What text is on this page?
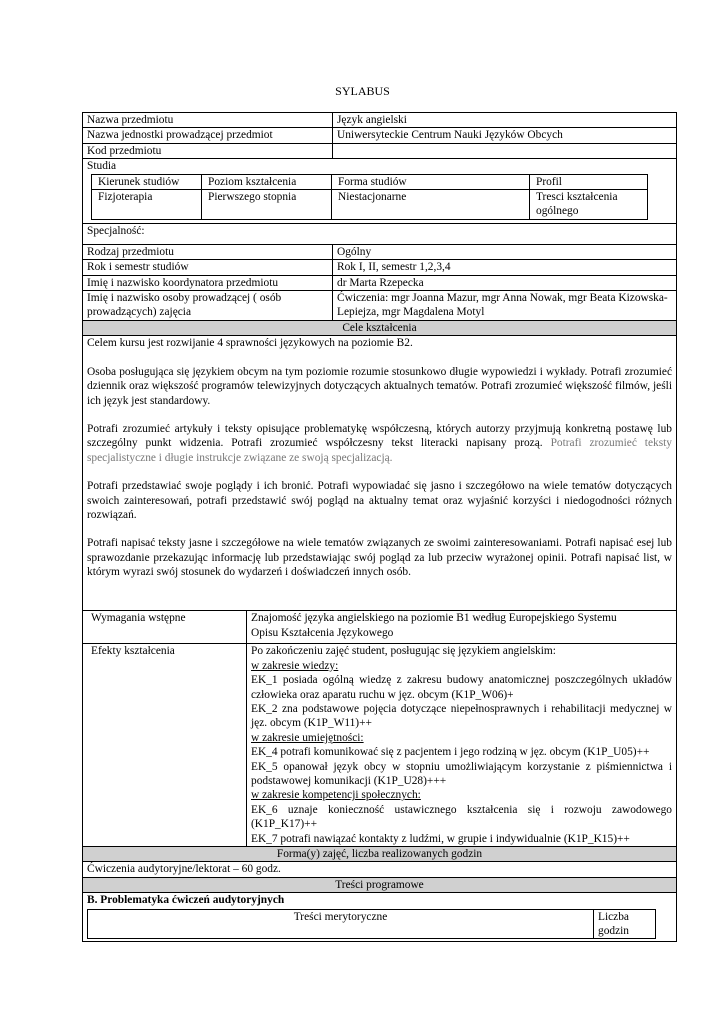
SYLABUS
Nazwa przedmiotu	Język angielski
Nazwa jednostki prowadzącej przedmiot	Uniwersyteckie Centrum Nauki Języków Obcych
Kod przedmiotu	

Studia
Kierunek studiów	Poziom kształcenia	Forma studiów	Profil
Fizjoterapia	Pierwszego stopnia	Niestacjonarne	Tresci kształcenia ogólnego

Specjalność:
Rodzaj przedmiotu	Ogólny
Rok i semestr studiów	Rok I, II, semestr 1,2,3,4
Imię i nazwisko koordynatora przedmiotu	dr Marta Rzepecka
Imię i nazwisko osoby prowadzącej ( osób prowadzących) zajęcia	Ćwiczenia: mgr Joanna Mazur, mgr Anna Nowak, mgr Beata Kizowska-Lepiejza, mgr Magdalena Motyl
Cele kształcenia

Celem kursu jest rozwijanie 4 sprawności językowych na poziomie B2.

Osoba posługująca się językiem obcym na tym poziomie rozumie stosunkowo długie wypowiedzi i wykłady. Potrafi zrozumieć dziennik oraz większość programów telewizyjnych dotyczących aktualnych tematów. Potrafi zrozumieć większość filmów, jeśli ich język jest standardowy.

Potrafi zrozumieć artykuły i teksty opisujące problematykę współczesną, których autorzy przyjmują konkretną postawę lub szczególny punkt widzenia. Potrafi zrozumieć współczesny tekst literacki napisany prozą. Potrafi zrozumieć teksty specjalistyczne i długie instrukcje związane ze swoją specjalizacją.

Potrafi przedstawiać swoje poglądy i ich bronić. Potrafi wypowiadać się jasno i szczegółowo na wiele tematów dotyczących swoich zainteresowań, potrafi przedstawić swój pogląd na aktualny temat oraz wyjaśnić korzyści i niedogodności różnych rozwiązań.

Potrafi napisać teksty jasne i szczegółowe na wiele tematów związanych ze swoimi zainteresowaniami. Potrafi napisać esej lub sprawozdanie przekazując informację lub przedstawiając swój pogląd za lub przeciw wyrażonej opinii. Potrafi napisać list, w którym wyrazi swój stosunek do wydarzeń i doświadczeń innych osób.

Wymagania wstępne	Znajomość języka angielskiego na poziomie B1 według Europejskiego Systemu Opisu Kształcenia Językowego
Efekty kształcenia	Po zakończeniu zajęć student, posługując się językiem angielskim:

w zakresie wiedzy:

EK_1 posiada ogólną wiedzę z zakresu budowy anatomicznej poszczególnych układów człowieka oraz aparatu ruchu w jęz. obcym (K1P_W06)+

EK_2 zna podstawowe pojęcia dotyczące niepełnosprawnych i rehabilitacji medycznej w jęz. obcym (K1P_W11)++

w zakresie umiejętności:

EK_4 potrafi komunikować się z pacjentem i jego rodziną w jęz. obcym (K1P_U05)++

EK_5 opanował język obcy w stopniu umożliwiającym korzystanie z piśmiennictwa i podstawowej komunikacji (K1P_U28)+++

w zakresie kompetencji społecznych:

EK_6 uznaje konieczność ustawicznego kształcenia się i rozwoju zawodowego (K1P_K17)++

EK_7 potrafi nawiązać kontakty z ludźmi, w grupie i indywidualnie (K1P_K15)++

Forma(y) zajęć, liczba realizowanych godzin
Ćwiczenia audytoryjne/lektorat – 60 godz.
Treści programowe

B. Problematyka ćwiczeń audytoryjnych
Treści merytoryczne	Liczba godzin
